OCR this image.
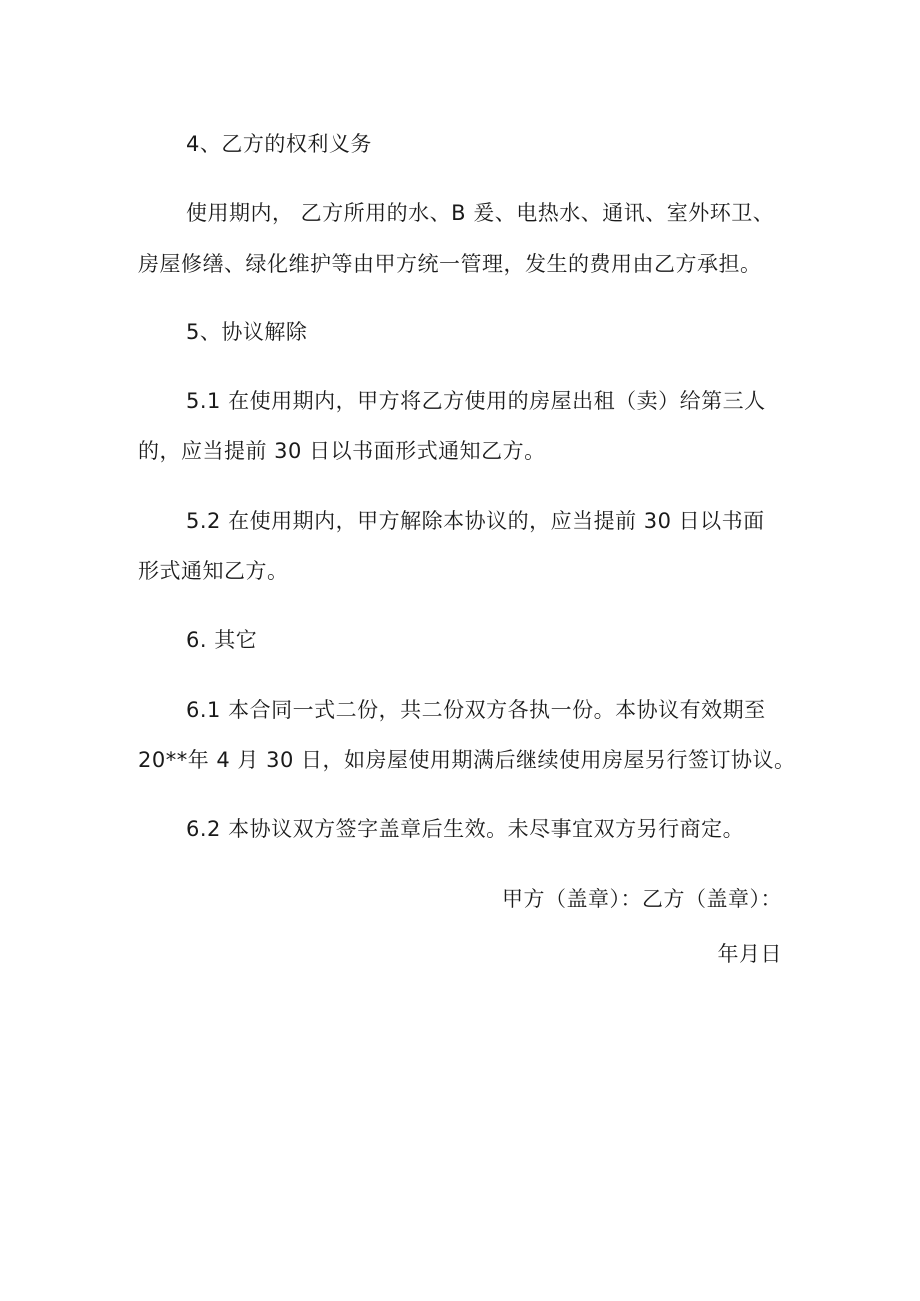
4、乙方的权利义务

使用期内， 乙方所用的水、B 爰、电热水、通讯、室外环卫、

房屋修缮、绿化维护等由甲方统一管理，发生的费用由乙方承担。

5、协议解除

5.1 在使用期内，甲方将乙方使用的房屋出租（卖）给第三人

的，应当提前 30 日以书面形式通知乙方。

5.2 在使用期内，甲方解除本协议的，应当提前 30 日以书面

形式通知乙方。

6. 其它

6.1 本合同一式二份，共二份双方各执一份。本协议有效期至

20**年 4 月 30 日，如房屋使用期满后继续使用房屋另行签订协议。

6.2 本协议双方签字盖章后生效。未尽事宜双方另行商定。

甲方（盖章）：乙方（盖章）：

年月日
